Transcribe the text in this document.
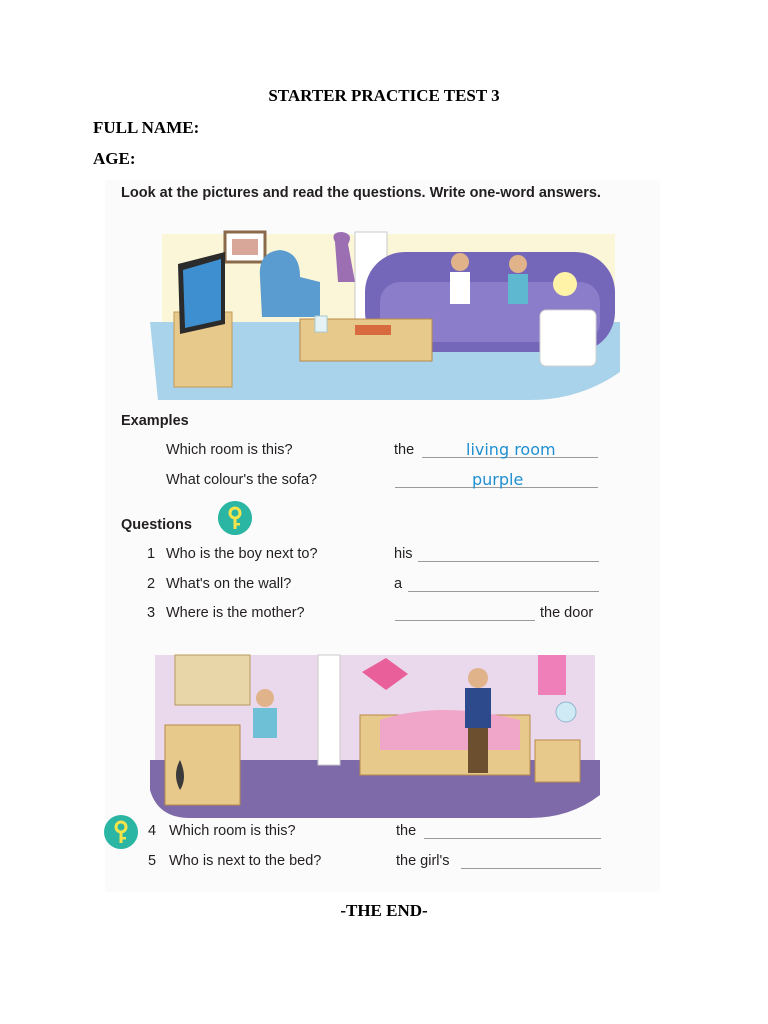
STARTER PRACTICE TEST 3
FULL NAME:
AGE:
Look at the pictures and read the questions. Write one-word answers.
Examples
Which room is this?	the	living room
What colour's the sofa?	purple
Questions
1 Who is the boy next to?	his
2 What's on the wall?	a
3 Where is the mother?	the door
4 Which room is this?	the
5 Who is next to the bed?	the girl's
-THE END-
